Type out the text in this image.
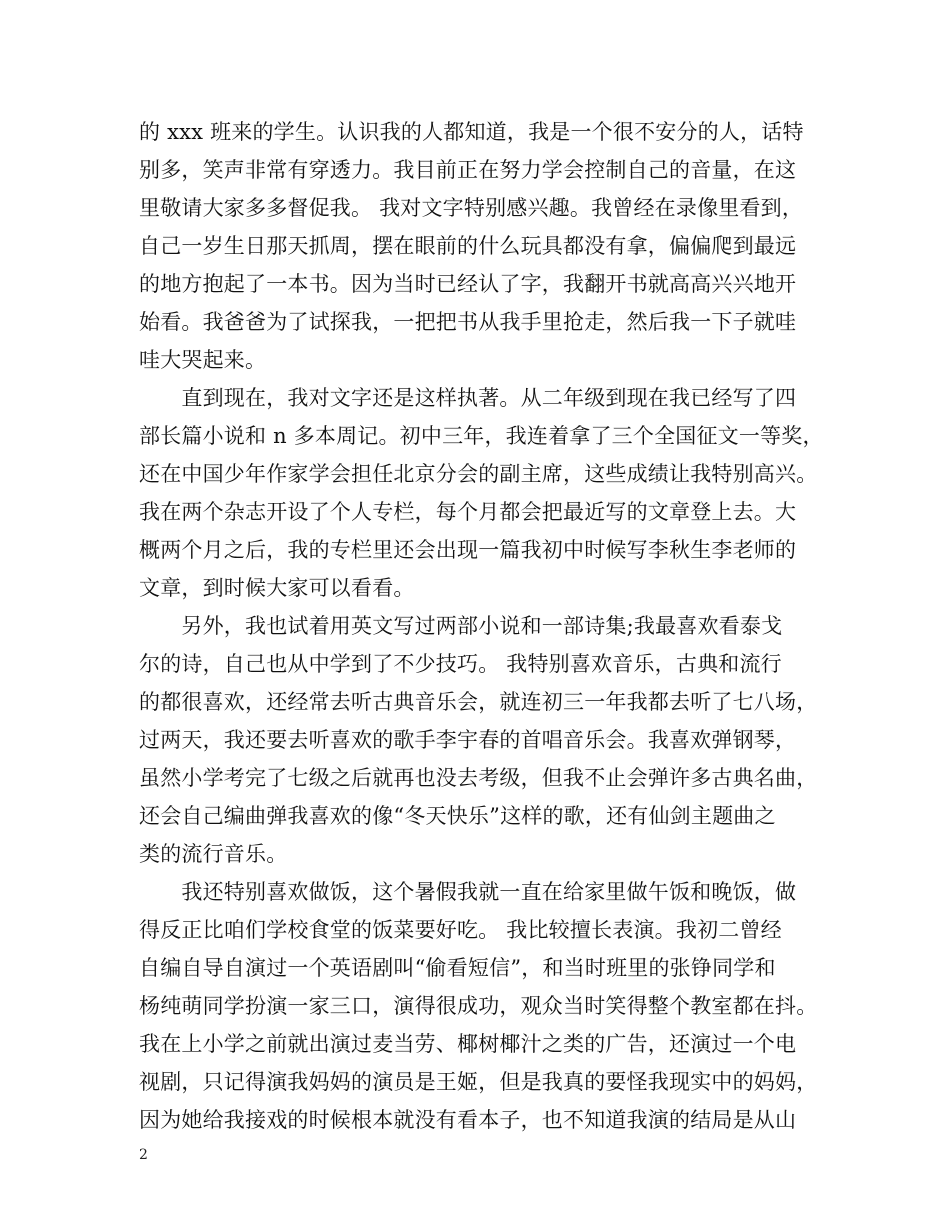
的 xxx 班来的学生。认识我的人都知道，我是一个很不安分的人，话特
别多，笑声非常有穿透力。我目前正在努力学会控制自己的音量，在这
里敬请大家多多督促我。 我对文字特别感兴趣。我曾经在录像里看到，
自己一岁生日那天抓周，摆在眼前的什么玩具都没有拿，偏偏爬到最远
的地方抱起了一本书。因为当时已经认了字，我翻开书就高高兴兴地开
始看。我爸爸为了试探我，一把把书从我手里抢走，然后我一下子就哇
哇大哭起来。
　　直到现在，我对文字还是这样执著。从二年级到现在我已经写了四
部长篇小说和 n 多本周记。初中三年，我连着拿了三个全国征文一等奖，
还在中国少年作家学会担任北京分会的副主席，这些成绩让我特别高兴。
我在两个杂志开设了个人专栏，每个月都会把最近写的文章登上去。大
概两个月之后，我的专栏里还会出现一篇我初中时候写李秋生李老师的
文章，到时候大家可以看看。
　　另外，我也试着用英文写过两部小说和一部诗集;我最喜欢看泰戈
尔的诗，自己也从中学到了不少技巧。 我特别喜欢音乐，古典和流行
的都很喜欢，还经常去听古典音乐会，就连初三一年我都去听了七八场，
过两天，我还要去听喜欢的歌手李宇春的首唱音乐会。我喜欢弹钢琴，
虽然小学考完了七级之后就再也没去考级，但我不止会弹许多古典名曲，
还会自己编曲弹我喜欢的像“冬天快乐”这样的歌，还有仙剑主题曲之
类的流行音乐。
　　我还特别喜欢做饭，这个暑假我就一直在给家里做午饭和晚饭，做
得反正比咱们学校食堂的饭菜要好吃。 我比较擅长表演。我初二曾经
自编自导自演过一个英语剧叫“偷看短信”，和当时班里的张铮同学和
杨纯萌同学扮演一家三口，演得很成功，观众当时笑得整个教室都在抖。
我在上小学之前就出演过麦当劳、椰树椰汁之类的广告，还演过一个电
视剧，只记得演我妈妈的演员是王姬，但是我真的要怪我现实中的妈妈，
因为她给我接戏的时候根本就没有看本子，也不知道我演的结局是从山
2
